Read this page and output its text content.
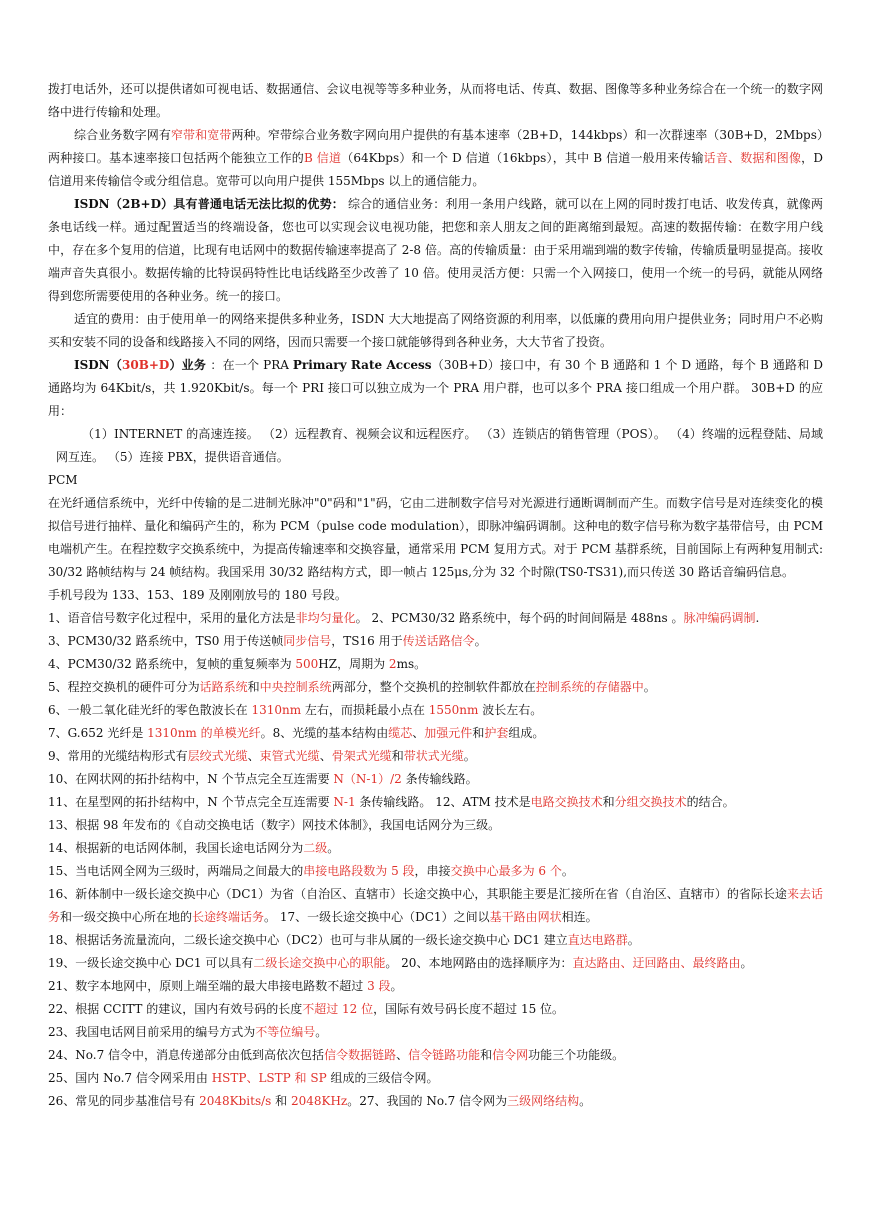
拨打电话外，还可以提供诸如可视电话、数据通信、会议电视等等多种业务，从而将电话、传真、数据、图像等多种业务综合在一个统一的数字网络中进行传输和处理。

综合业务数字网有窄带和宽带两种。窄带综合业务数字网向用户提供的有基本速率（2B+D，144kbps）和一次群速率（30B+D，2Mbps）两种接口。基本速率接口包括两个能独立工作的B 信道（64Kbps）和一个 D 信道（16kbps），其中 B 信道一般用来传输话音、数据和图像，D 信道用来传输信令或分组信息。宽带可以向用户提供 155Mbps 以上的通信能力。

ISDN（2B+D）具有普通电话无法比拟的优势： 综合的通信业务：利用一条用户线路，就可以在上网的同时拨打电话、收发传真，就像两条电话线一样。通过配置适当的终端设备，您也可以实现会议电视功能，把您和亲人朋友之间的距离缩到最短。高速的数据传输：在数字用户线中，存在多个复用的信道，比现有电话网中的数据传输速率提高了 2-8 倍。高的传输质量：由于采用端到端的数字传输，传输质量明显提高。接收端声音失真很小。数据传输的比特误码特性比电话线路至少改善了 10 倍。使用灵活方便：只需一个入网接口，使用一个统一的号码，就能从网络得到您所需要使用的各种业务。统一的接口。

适宜的费用：由于使用单一的网络来提供多种业务，ISDN 大大地提高了网络资源的利用率，以低廉的费用向用户提供业务；同时用户不必购买和安装不同的设备和线路接入不同的网络，因而只需要一个接口就能够得到各种业务，大大节省了投资。

ISDN（30B+D）业务 ：在一个 PRA Primary Rate Access（30B+D）接口中，有 30 个 B 通路和 1 个 D 通路，每个 B 通路和 D 通路均为 64Kbit/s，共 1.920Kbit/s。每一个 PRI 接口可以独立成为一个 PRA 用户群，也可以多个 PRA 接口组成一个用户群。 30B+D 的应用：

（1）INTERNET 的高速连接。 （2）远程教育、视频会议和远程医疗。 （3）连锁店的销售管理（POS）。 （4）终端的远程登陆、局域网互连。 （5）连接 PBX，提供语音通信。

PCM

在光纤通信系统中，光纤中传输的是二进制光脉冲"0"码和"1"码，它由二进制数字信号对光源进行通断调制而产生。而数字信号是对连续变化的模拟信号进行抽样、量化和编码产生的，称为 PCM（pulse code modulation），即脉冲编码调制。这种电的数字信号称为数字基带信号，由 PCM 电端机产生。在程控数字交换系统中，为提高传输速率和交换容量，通常采用 PCM 复用方式。对于 PCM 基群系统，目前国际上有两种复用制式:30/32 路帧结构与 24 帧结构。我国采用 30/32 路结构方式，即一帧占 125μs,分为 32 个时隙(TS0-TS31),而只传送 30 路话音编码信息。

手机号段为 133、153、189 及刚刚放号的 180 号段。

1、语音信号数字化过程中，采用的量化方法是非均匀量化。 2、PCM30/32 路系统中，每个码的时间间隔是 488ns 。脉冲编码调制.

3、PCM30/32 路系统中，TS0 用于传送帧同步信号，TS16 用于传送话路信令。

4、PCM30/32 路系统中，复帧的重复频率为 500HZ，周期为 2ms。

5、程控交换机的硬件可分为话路系统和中央控制系统两部分，整个交换机的控制软件都放在控制系统的存储器中。

6、一般二氧化硅光纤的零色散波长在 1310nm 左右，而损耗最小点在 1550nm 波长左右。

7、G.652 光纤是 1310nm 的单模光纤。8、光缆的基本结构由缆芯、加强元件和护套组成。

9、常用的光缆结构形式有层绞式光缆、束管式光缆、骨架式光缆和带状式光缆。

10、在网状网的拓扑结构中，N 个节点完全互连需要 N（N-1）/2 条传输线路。

11、在星型网的拓扑结构中，N 个节点完全互连需要 N-1 条传输线路。 12、ATM 技术是电路交换技术和分组交换技术的结合。

13、根据 98 年发布的《自动交换电话（数字）网技术体制》，我国电话网分为三级。

14、根据新的电话网体制，我国长途电话网分为二级。

15、当电话网全网为三级时，两端局之间最大的串接电路段数为 5 段，串接交换中心最多为 6 个。

16、新体制中一级长途交换中心（DC1）为省（自治区、直辖市）长途交换中心，其职能主要是汇接所在省（自治区、直辖市）的省际长途来去话务和一级交换中心所在地的长途终端话务。 17、一级长途交换中心（DC1）之间以基干路由网状相连。

18、根据话务流量流向，二级长途交换中心（DC2）也可与非从属的一级长途交换中心 DC1 建立直达电路群。

19、一级长途交换中心 DC1 可以具有二级长途交换中心的职能。 20、本地网路由的选择顺序为：直达路由、迂回路由、最终路由。

21、数字本地网中，原则上端至端的最大串接电路数不超过 3 段。

22、根据 CCITT 的建议，国内有效号码的长度不超过 12 位，国际有效号码长度不超过 15 位。

23、我国电话网目前采用的编号方式为不等位编号。

24、No.7 信令中，消息传递部分由低到高依次包括信令数据链路、信令链路功能和信令网功能三个功能级。

25、国内 No.7 信令网采用由 HSTP、LSTP 和 SP 组成的三级信令网。

26、常见的同步基准信号有 2048Kbits/s 和 2048KHz。27、我国的 No.7 信令网为三级网络结构。
